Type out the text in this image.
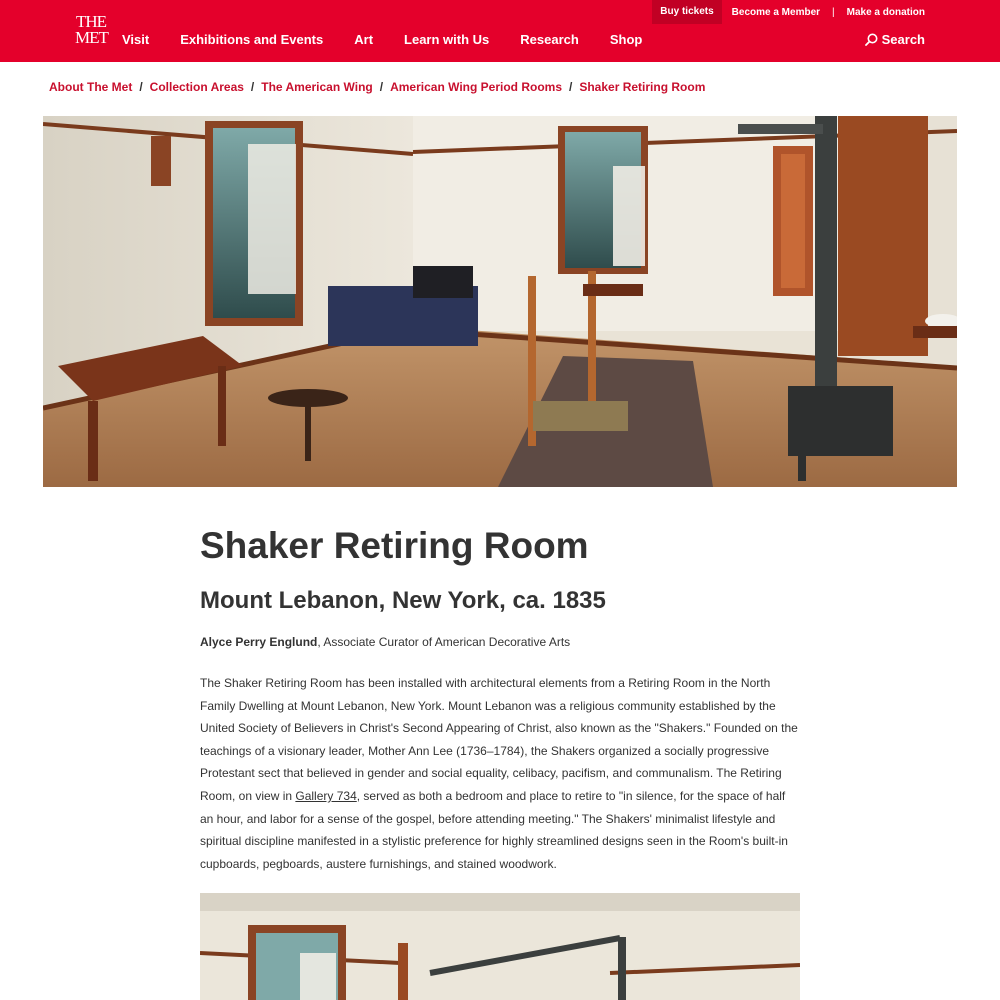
THE
MET Visit Exhibitions and Events Art Learn with Us Research Shop
Buy tickets	Become a Member | Make a donation
Search
About The Met / Collection Areas / The American Wing / American Wing Period Rooms / Shaker Retiring Room
Shaker Retiring Room
Mount Lebanon, New York, ca. 1835

Alyce Perry Englund, Associate Curator of American Decorative Arts

The Shaker Retiring Room has been installed with architectural elements from a Retiring Room in the North Family Dwelling at Mount Lebanon, New York. Mount Lebanon was a religious community established by the United Society of Believers in Christ's Second Appearing of Christ, also known as the "Shakers." Founded on the teachings of a visionary leader, Mother Ann Lee (1736–1784), the Shakers organized a socially progressive Protestant sect that believed in gender and social equality, celibacy, pacifism, and communalism. The Retiring Room, on view in Gallery 734, served as both a bedroom and place to retire to "in silence, for the space of half an hour, and labor for a sense of the gospel, before attending meeting." The Shakers' minimalist lifestyle and spiritual discipline manifested in a stylistic preference for highly streamlined designs seen in the Room's built-in cupboards, pegboards, austere furnishings, and stained woodwork.
